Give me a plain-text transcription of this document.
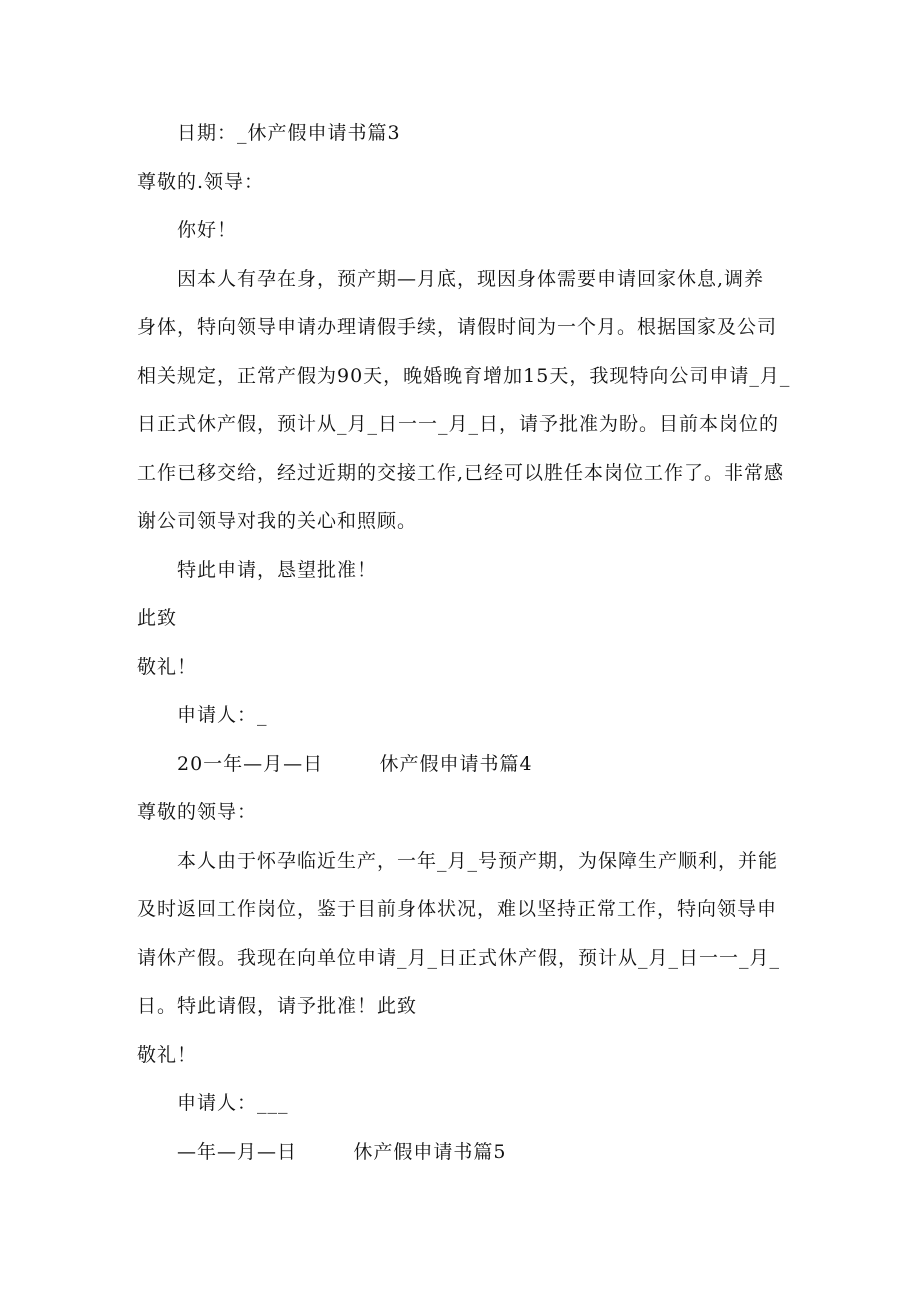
日期：_休产假申请书篇3
尊敬的.领导：
你好！
因本人有孕在身，预产期—月底，现因身体需要申请回家休息,调养
身体，特向领导申请办理请假手续，请假时间为一个月。根据国家及公司
相关规定，正常产假为90天，晚婚晚育增加15天，我现特向公司申请_月_
日正式休产假，预计从_月_日一一_月_日，请予批准为盼。目前本岗位的
工作已移交给，经过近期的交接工作,已经可以胜任本岗位工作了。非常感
谢公司领导对我的关心和照顾。
特此申请，恳望批准！
此致
敬礼！
申请人：_
20一年—月—日        休产假申请书篇4
尊敬的领导：
本人由于怀孕临近生产，一年_月_号预产期，为保障生产顺利，并能
及时返回工作岗位，鉴于目前身体状况，难以坚持正常工作，特向领导申
请休产假。我现在向单位申请_月_日正式休产假，预计从_月_日一一_月_
日。特此请假，请予批准！此致
敬礼！
申请人：___
—年—月—日        休产假申请书篇5
